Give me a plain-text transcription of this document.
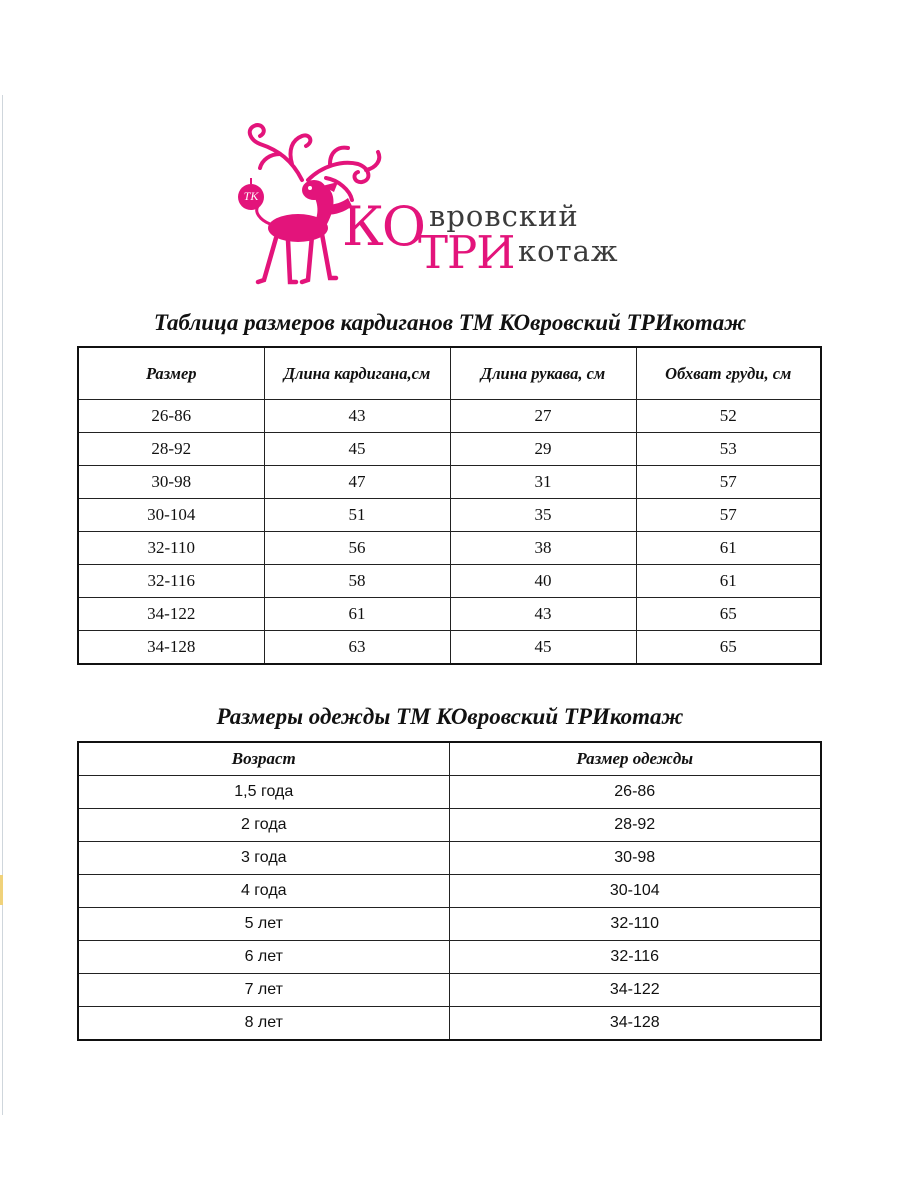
ТК КО вровский
ТРИ котаж
Таблица размеров кардиганов ТМ КОвровский ТРИкотаж
Размер	Длина кардигана,см	Длина рукава, см	Обхват груди, см
26-86	43	27	52
28-92	45	29	53
30-98	47	31	57
30-104	51	35	57
32-110	56	38	61
32-116	58	40	61
34-122	61	43	65
34-128	63	45	65
Размеры одежды ТМ КОвровский ТРИкотаж
Возраст	Размер одежды
1,5 года	26-86
2 года	28-92
3 года	30-98
4 года	30-104
5 лет	32-110
6 лет	32-116
7 лет	34-122
8 лет	34-128
